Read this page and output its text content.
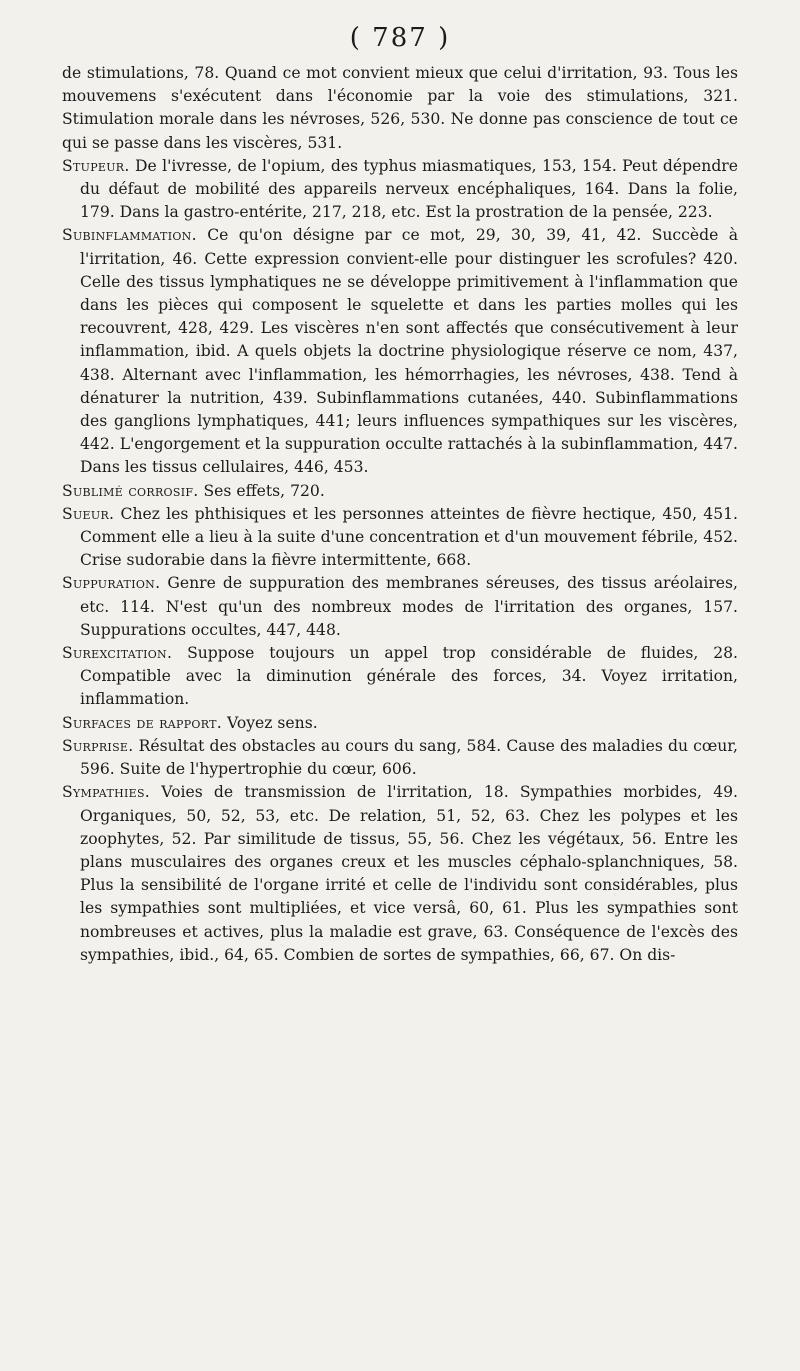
( 787 )

de stimulations, 78. Quand ce mot convient mieux que celui d'irritation, 93. Tous les mouvemens s'exécutent dans l'économie par la voie des stimulations, 321. Stimulation morale dans les névroses, 526, 530. Ne donne pas conscience de tout ce qui se passe dans les viscères, 531.

Stupeur. De l'ivresse, de l'opium, des typhus miasmatiques, 153, 154. Peut dépendre du défaut de mobilité des appareils nerveux encéphaliques, 164. Dans la folie, 179. Dans la gastro-entérite, 217, 218, etc. Est la prostration de la pensée, 223.

Subinflammation. Ce qu'on désigne par ce mot, 29, 30, 39, 41, 42. Succède à l'irritation, 46. Cette expression convient-elle pour distinguer les scrofules? 420. Celle des tissus lymphatiques ne se développe primitivement à l'inflammation que dans les pièces qui composent le squelette et dans les parties molles qui les recouvrent, 428, 429. Les viscères n'en sont affectés que consécutivement à leur inflammation, ibid. A quels objets la doctrine physiologique réserve ce nom, 437, 438. Alternant avec l'inflammation, les hémorrhagies, les névroses, 438. Tend à dénaturer la nutrition, 439. Subinflammations cutanées, 440. Subinflammations des ganglions lymphatiques, 441; leurs influences sympathiques sur les viscères, 442. L'engorgement et la suppuration occulte rattachés à la subinflammation, 447. Dans les tissus cellulaires, 446, 453.

Sublimé corrosif. Ses effets, 720.

Sueur. Chez les phthisiques et les personnes atteintes de fièvre hectique, 450, 451. Comment elle a lieu à la suite d'une concentration et d'un mouvement fébrile, 452. Crise sudorabie dans la fièvre intermittente, 668.

Suppuration. Genre de suppuration des membranes séreuses, des tissus aréolaires, etc. 114. N'est qu'un des nombreux modes de l'irritation des organes, 157. Suppurations occultes, 447, 448.

Surexcitation. Suppose toujours un appel trop considérable de fluides, 28. Compatible avec la diminution générale des forces, 34. Voyez irritation, inflammation.

Surfaces de rapport. Voyez sens.

Surprise. Résultat des obstacles au cours du sang, 584. Cause des maladies du cœur, 596. Suite de l'hypertrophie du cœur, 606.

Sympathies. Voies de transmission de l'irritation, 18. Sympathies morbides, 49. Organiques, 50, 52, 53, etc. De relation, 51, 52, 63. Chez les polypes et les zoophytes, 52. Par similitude de tissus, 55, 56. Chez les végétaux, 56. Entre les plans musculaires des organes creux et les muscles céphalo-splanchniques, 58. Plus la sensibilité de l'organe irrité et celle de l'individu sont considérables, plus les sympathies sont multipliées, et vice versâ, 60, 61. Plus les sympathies sont nombreuses et actives, plus la maladie est grave, 63. Conséquence de l'excès des sympathies, ibid., 64, 65. Combien de sortes de sympathies, 66, 67. On dis-
